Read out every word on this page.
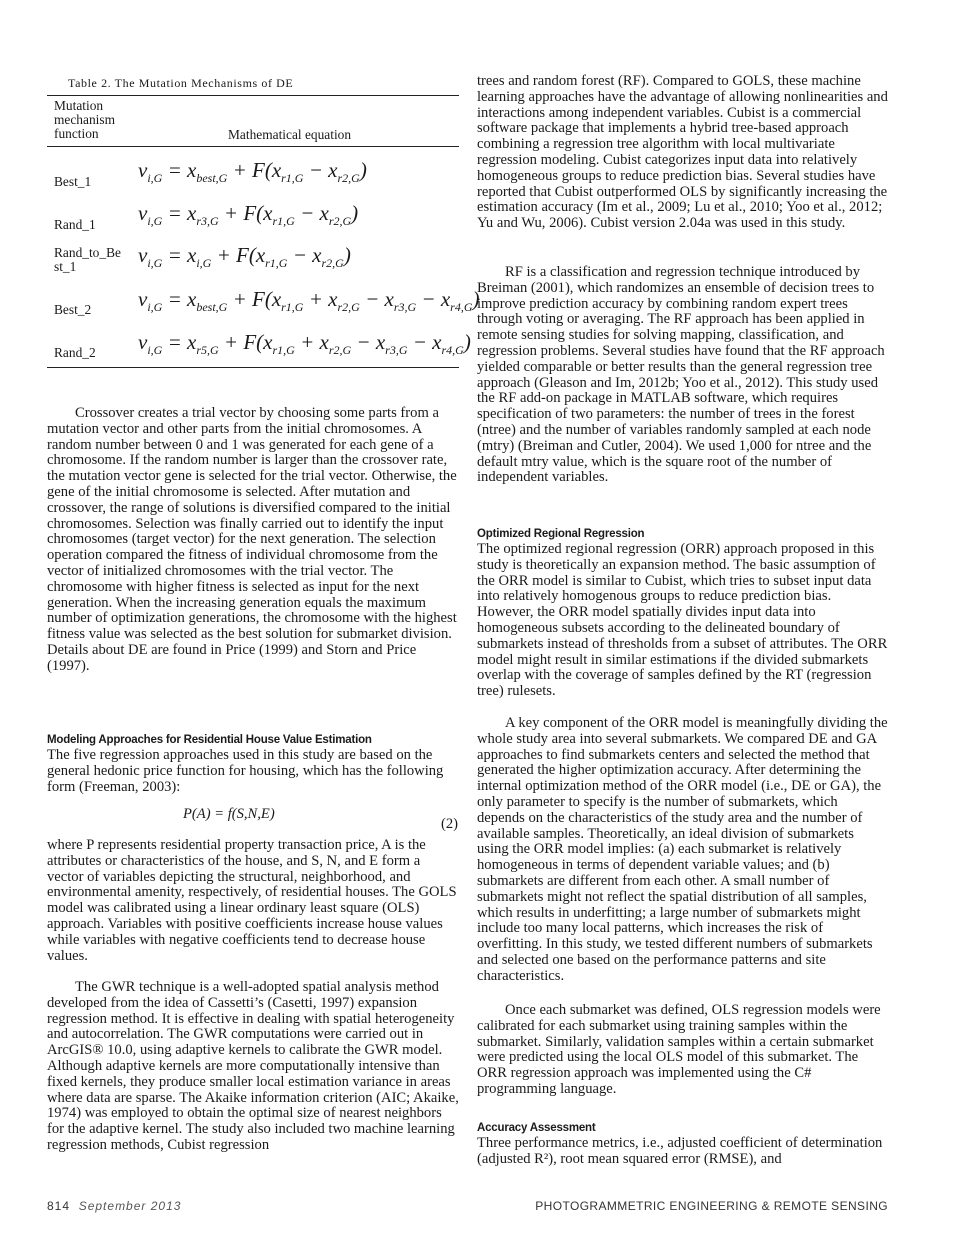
Table 2. The Mutation Mechanisms of DE
Mutation mechanism function	Mathematical equation
Best_1 $v_{i,G} = x_{best,G} + F(x_{r1,G} - x_{r2,G})$
Rand_1 $v_{i,G} = x_{r3,G} + F(x_{r1,G} - x_{r2,G})$
Rand_to_Best_1	$v_{i,G} = x_{i,G} + F(x_{r1,G} - x_{r2,G})$
Best_2 $v_{i,G} = x_{best,G} + F(x_{r1,G} + x_{r2,G} - x_{r3,G} - x_{r4,G})$
Rand_2 $v_{i,G} = x_{r5,G} + F(x_{r1,G} + x_{r2,G} - x_{r3,G} - x_{r4,G})$

Crossover creates a trial vector by choosing some parts from a mutation vector and other parts from the initial chromosomes. A random number between 0 and 1 was generated for each gene of a chromosome. If the random number is larger than the crossover rate, the mutation vector gene is selected for the trial vector. Otherwise, the gene of the initial chromosome is selected. After mutation and crossover, the range of solutions is diversified compared to the initial chromosomes. Selection was finally carried out to identify the input chromosomes (target vector) for the next generation. The selection operation compared the fitness of individual chromosome from the vector of initialized chromosomes with the trial vector. The chromosome with higher fitness is selected as input for the next generation. When the increasing generation equals the maximum number of optimization generations, the chromosome with the highest fitness value was selected as the best solution for submarket division. Details about DE are found in Price (1999) and Storn and Price (1997).

Modeling Approaches for Residential House Value Estimation

The five regression approaches used in this study are based on the general hedonic price function for housing, which has the following form (Freeman, 2003):

P(A) = f(S,N,E)

where P represents residential property transaction price, A is the attributes or characteristics of the house, and S, N, and E form a vector of variables depicting the structural, neighborhood, and environmental amenity, respectively, of residential houses. The GOLS model was calibrated using a linear ordinary least square (OLS) approach. Variables with positive coefficients increase house values while variables with negative coefficients tend to decrease house values.

The GWR technique is a well-adopted spatial analysis method developed from the idea of Cassetti’s (Casetti, 1997) expansion regression method. It is effective in dealing with spatial heterogeneity and autocorrelation. The GWR computations were carried out in ArcGIS® 10.0, using adaptive kernels to calibrate the GWR model. Although adaptive kernels are more computationally intensive than fixed kernels, they produce smaller local estimation variance in areas where data are sparse. The Akaike information criterion (AIC; Akaike, 1974) was employed to obtain the optimal size of nearest neighbors for the adaptive kernel. The study also included two machine learning regression methods, Cubist regression

(2)

trees and random forest (RF). Compared to GOLS, these machine learning approaches have the advantage of allowing nonlinearities and interactions among independent variables. Cubist is a commercial software package that implements a hybrid tree-based approach combining a regression tree algorithm with local multivariate regression modeling. Cubist categorizes input data into relatively homogeneous groups to reduce prediction bias. Several studies have reported that Cubist outperformed OLS by significantly increasing the estimation accuracy (Im et al., 2009; Lu et al., 2010; Yoo et al., 2012; Yu and Wu, 2006). Cubist version 2.04a was used in this study.

RF is a classification and regression technique introduced by Breiman (2001), which randomizes an ensemble of decision trees to improve prediction accuracy by combining random expert trees through voting or averaging. The RF approach has been applied in remote sensing studies for solving mapping, classification, and regression problems. Several studies have found that the RF approach yielded comparable or better results than the general regression tree approach (Gleason and Im, 2012b; Yoo et al., 2012). This study used the RF add-on package in MATLAB software, which requires specification of two parameters: the number of trees in the forest (ntree) and the number of variables randomly sampled at each node (mtry) (Breiman and Cutler, 2004). We used 1,000 for ntree and the default mtry value, which is the square root of the number of independent variables.

Optimized Regional Regression

The optimized regional regression (ORR) approach proposed in this study is theoretically an expansion method. The basic assumption of the ORR model is similar to Cubist, which tries to subset input data into relatively homogenous groups to reduce prediction bias. However, the ORR model spatially divides input data into homogeneous subsets according to the delineated boundary of submarkets instead of thresholds from a subset of attributes. The ORR model might result in similar estimations if the divided submarkets overlap with the coverage of samples defined by the RT (regression tree) rulesets.

A key component of the ORR model is meaningfully dividing the whole study area into several submarkets. We compared DE and GA approaches to find submarkets centers and selected the method that generated the higher optimization accuracy. After determining the internal optimization method of the ORR model (i.e., DE or GA), the only parameter to specify is the number of submarkets, which depends on the characteristics of the study area and the number of available samples. Theoretically, an ideal division of submarkets using the ORR model implies: (a) each submarket is relatively homogeneous in terms of dependent variable values; and (b) submarkets are different from each other. A small number of submarkets might not reflect the spatial distribution of all samples, which results in underfitting; a large number of submarkets might include too many local patterns, which increases the risk of overfitting. In this study, we tested different numbers of submarkets and selected one based on the performance patterns and site characteristics.

Once each submarket was defined, OLS regression models were calibrated for each submarket using training samples within the submarket. Similarly, validation samples within a certain submarket were predicted using the local OLS model of this submarket. The ORR regression approach was implemented using the C# programming language.

Accuracy Assessment

Three performance metrics, i.e., adjusted coefficient of determination (adjusted R²), root mean squared error (RMSE), and

814 September 2013	PHOTOGRAMMETRIC ENGINEERING & REMOTE SENSING
